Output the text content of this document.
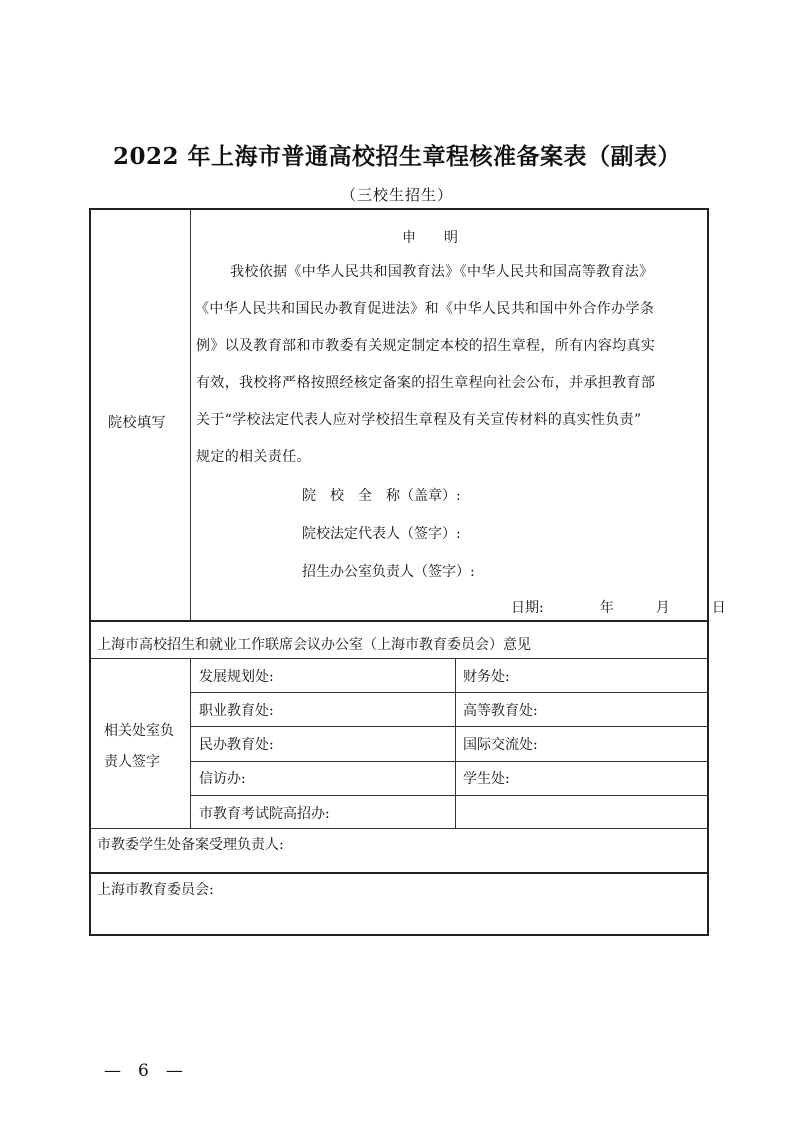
2022 年上海市普通高校招生章程核准备案表（副表）
（三校生招生）
院校填写
申　　明
我校依据《中华人民共和国教育法》《中华人民共和国高等教育法》
《中华人民共和国民办教育促进法》和《中华人民共和国中外合作办学条
例》以及教育部和市教委有关规定制定本校的招生章程，所有内容均真实
有效，我校将严格按照经核定备案的招生章程向社会公布，并承担教育部
关于“学校法定代表人应对学校招生章程及有关宣传材料的真实性负责”
规定的相关责任。
院　校　全　称（盖章）:
院校法定代表人（签字）:
招生办公室负责人（签字）:
日期:　　　　年　　　月　　　日
上海市高校招生和就业工作联席会议办公室（上海市教育委员会）意见
相关处室负
责人签字
发展规划处:
职业教育处:
民办教育处:
信访办:
市教育考试院高招办:
财务处:
高等教育处:
国际交流处:
学生处:
市教委学生处备案受理负责人:
上海市教育委员会:
—　6　—
